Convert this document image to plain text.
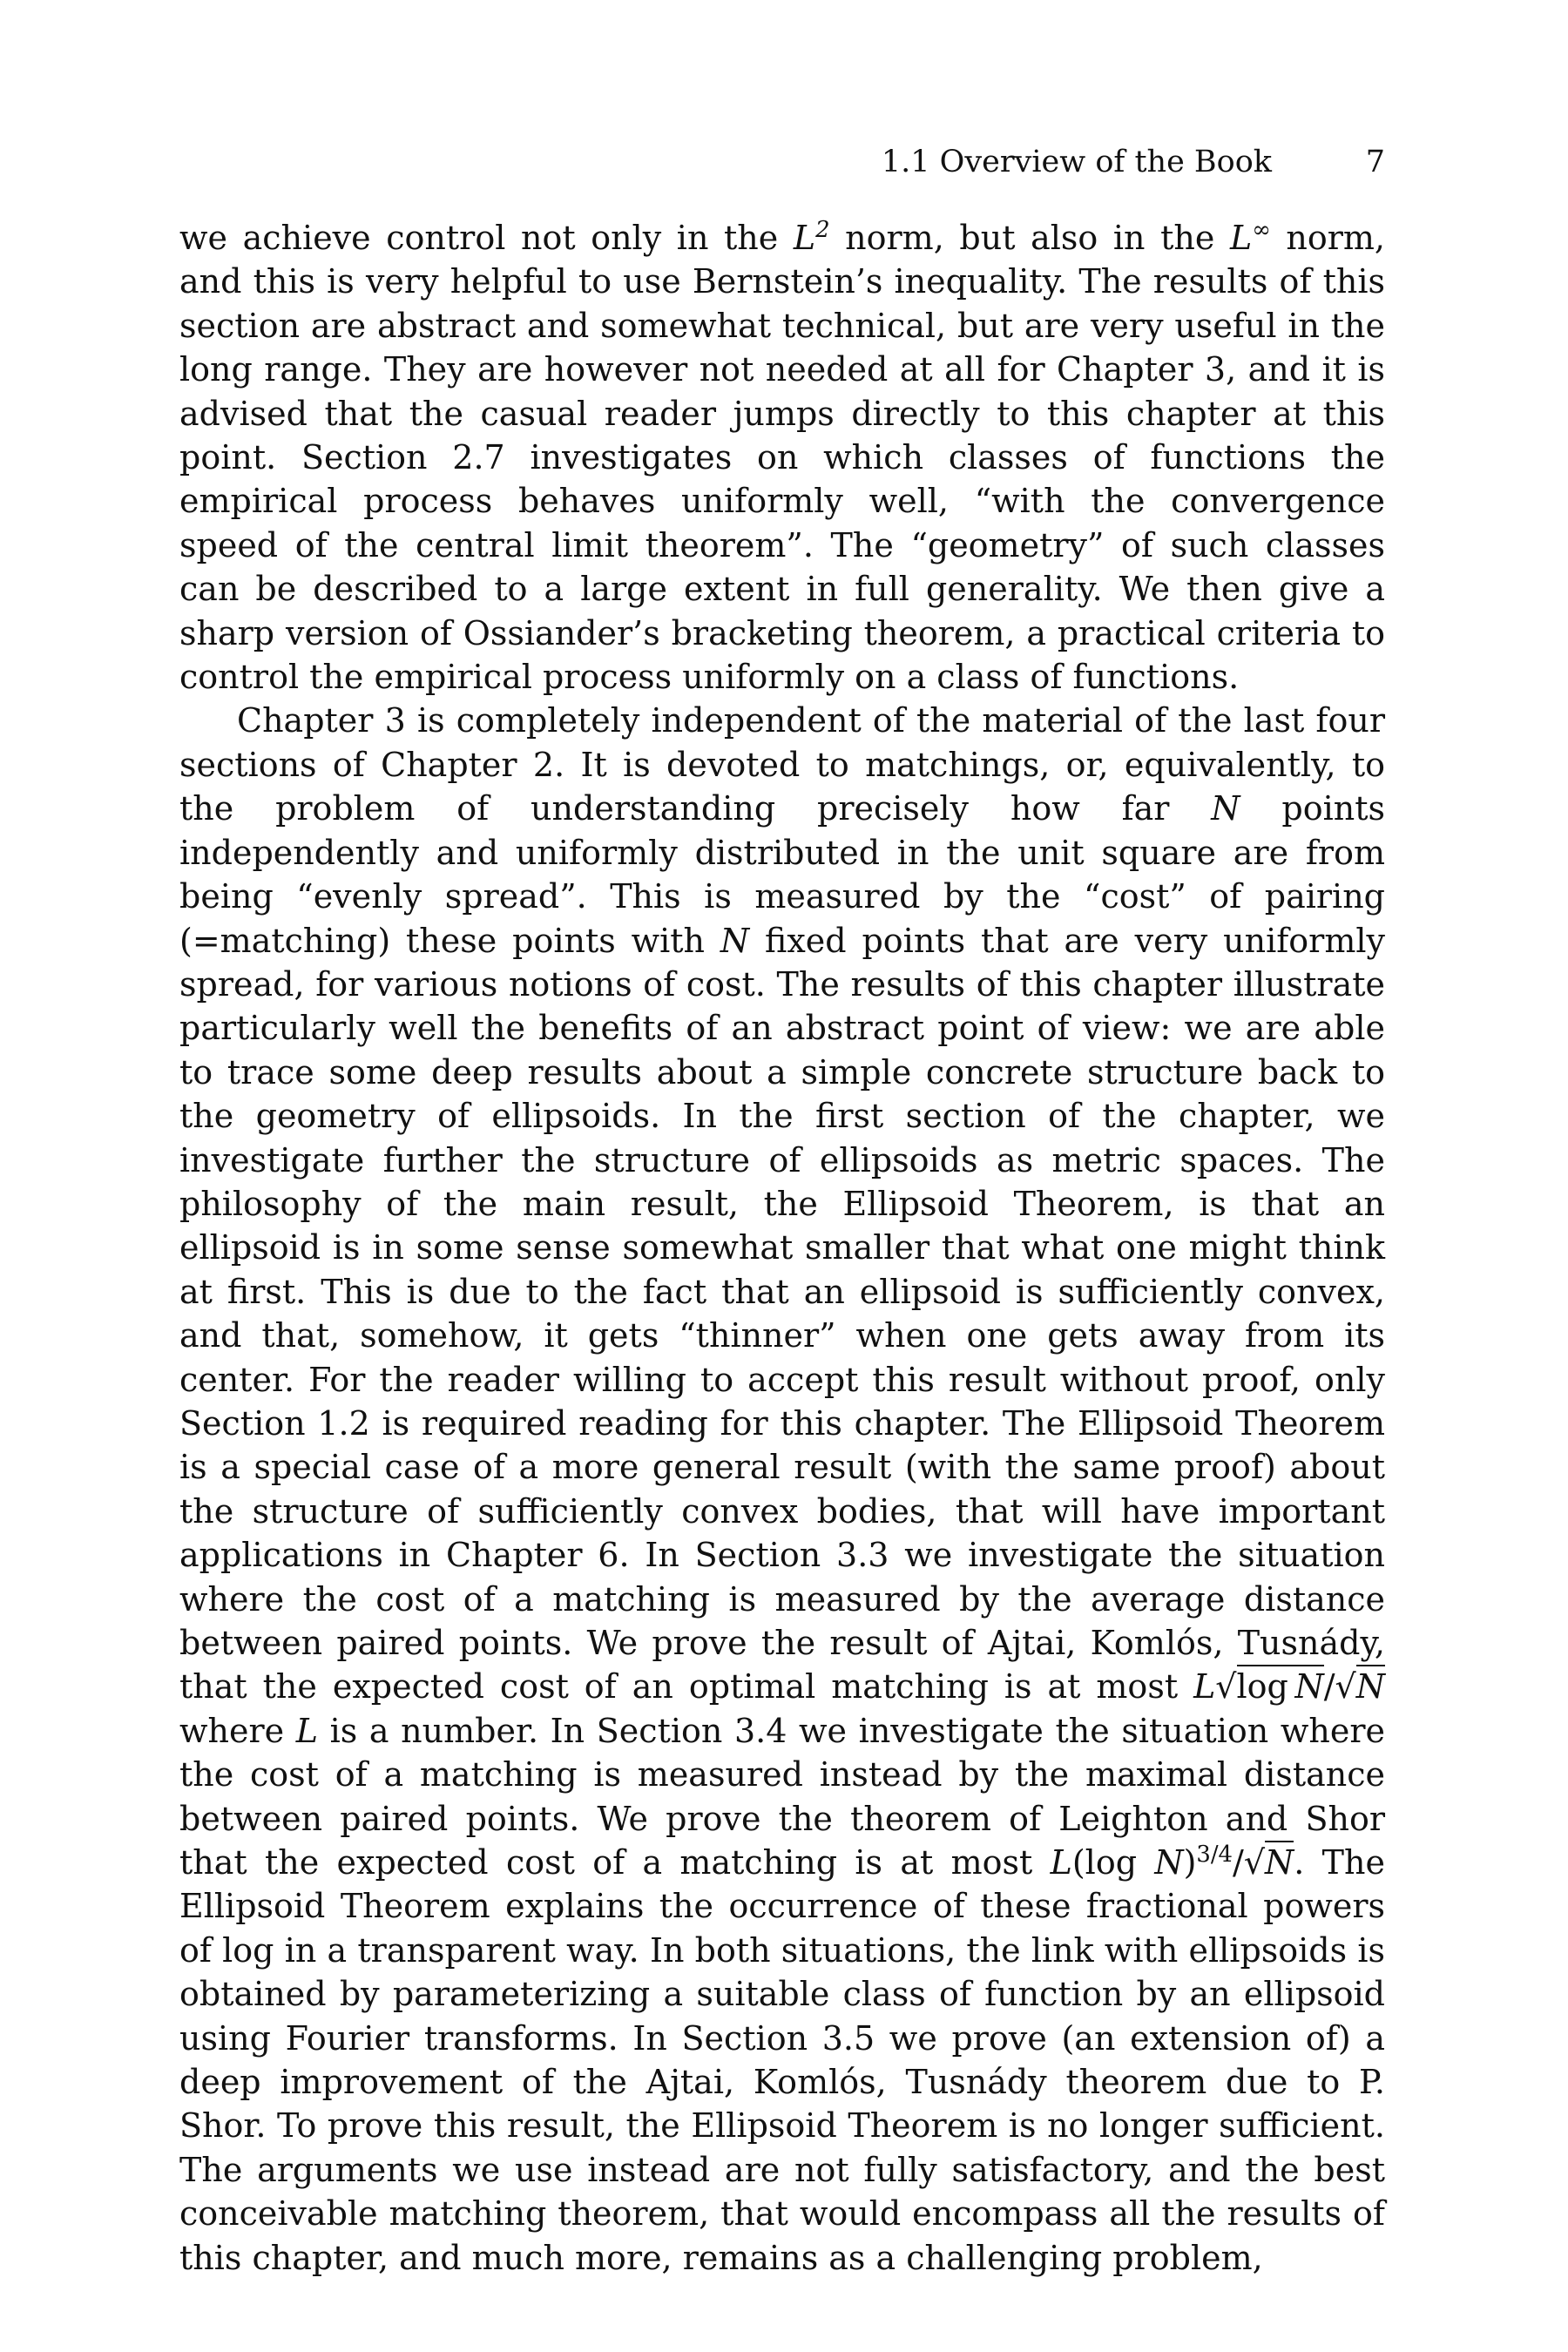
1.1 Overview of the Book	7

we achieve control not only in the $L^2$ norm, but also in the L∞ norm, and this is very helpful to use Bernstein’s inequality. The results of this section are abstract and somewhat technical, but are very useful in the long range. They are however not needed at all for Chapter 3, and it is advised that the casual reader jumps directly to this chapter at this point. Section 2.7 investigates on which classes of functions the empirical process behaves uniformly well, “with the convergence speed of the central limit theorem”. The “geometry” of such classes can be described to a large extent in full generality. We then give a sharp version of Ossiander’s bracketing theorem, a practical criteria to control the empirical process uniformly on a class of functions.

Chapter 3 is completely independent of the material of the last four sections of Chapter 2. It is devoted to matchings, or, equivalently, to the problem of understanding precisely how far N points independently and uniformly distributed in the unit square are from being “evenly spread”. This is measured by the “cost” of pairing (=matching) these points with N fixed points that are very uniformly spread, for various notions of cost. The results of this chapter illustrate particularly well the benefits of an abstract point of view: we are able to trace some deep results about a simple concrete structure back to the geometry of ellipsoids. In the first section of the chapter, we investigate further the structure of ellipsoids as metric spaces. The philosophy of the main result, the Ellipsoid Theorem, is that an ellipsoid is in some sense somewhat smaller that what one might think at first. This is due to the fact that an ellipsoid is sufficiently convex, and that, somehow, it gets “thinner” when one gets away from its center. For the reader willing to accept this result without proof, only Section 1.2 is required reading for this chapter. The Ellipsoid Theorem is a special case of a more general result (with the same proof) about the structure of sufficiently convex bodies, that will have important applications in Chapter 6. In Section 3.3 we investigate the situation where the cost of a matching is measured by the average distance between paired points. We prove the result of Ajtai, Komlós, Tusnády, that the expected cost of an optimal matching is at most L√log  N/√N where L is a number. In Section 3.4 we investigate the situation where the cost of a matching is measured instead by the maximal distance between paired points. We prove the theorem of Leighton and Shor that the expected cost of a matching is at most L(log N)$^{3/4}$/√N. The Ellipsoid Theorem explains the occurrence of these fractional powers of log in a transparent way. In both situations, the link with ellipsoids is obtained by parameterizing a suitable class of function by an ellipsoid using Fourier transforms. In Section 3.5 we prove (an extension of) a deep improvement of the Ajtai, Komlós, Tusnády theorem due to P. Shor. To prove this result, the Ellipsoid Theorem is no longer sufficient. The arguments we use instead are not fully satisfactory, and the best conceivable matching theorem, that would encompass all the results of this chapter, and much more, remains as a challenging problem,
